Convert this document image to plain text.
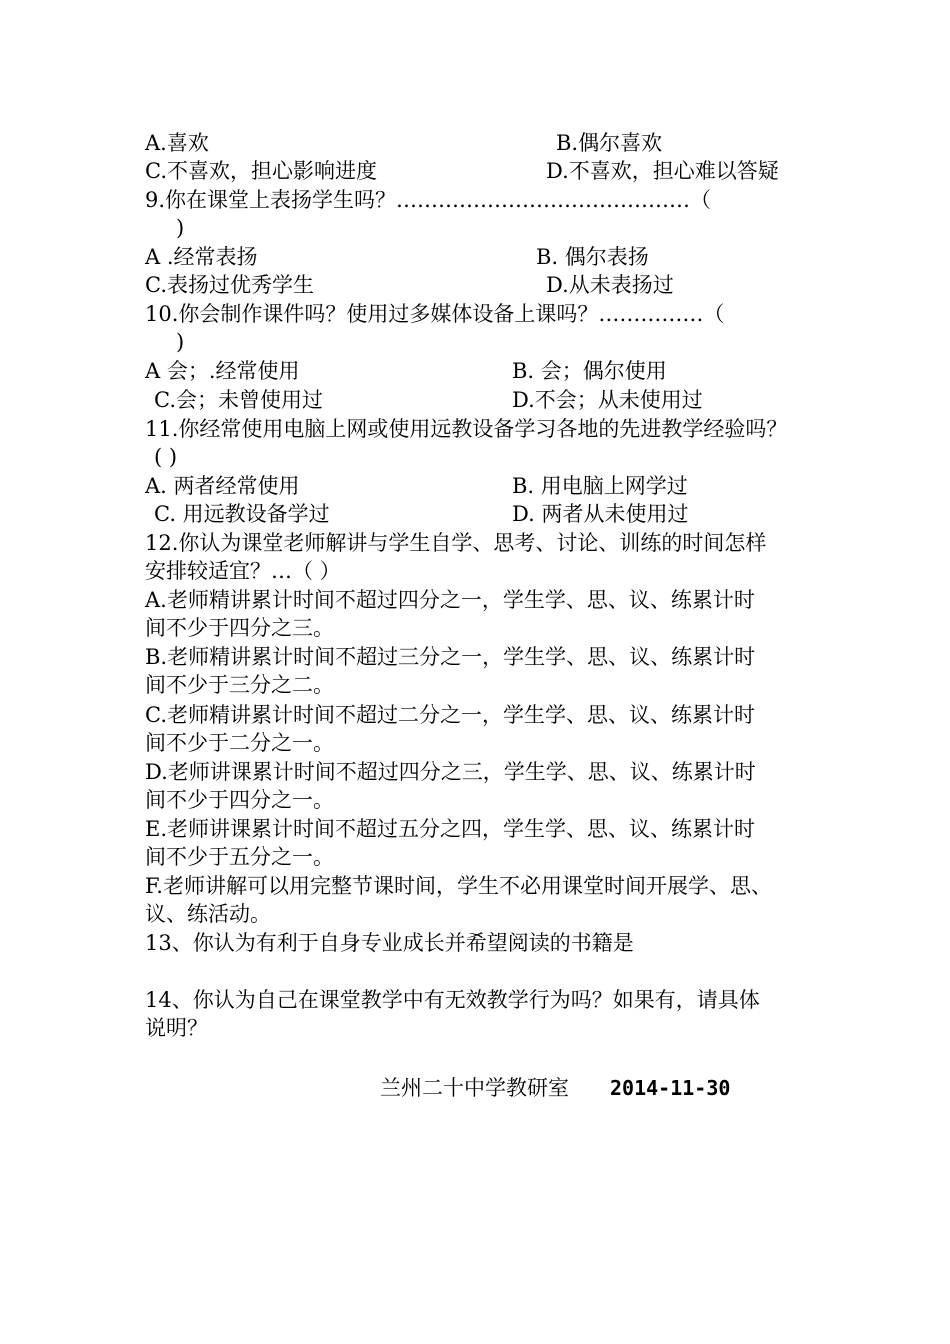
A.喜欢	B.偶尔喜欢
C.不喜欢，担心影响进度	D.不喜欢，担心难以答疑
9.你在课堂上表扬学生吗？……………………………………（
)
A .经常表扬	B. 偶尔表扬
C.表扬过优秀学生	D.从未表扬过
10.你会制作课件吗？使用过多媒体设备上课吗？……………（
)
A 会；.经常使用	B. 会；偶尔使用
C.会；未曾使用过	D.不会；从未使用过
11.你经常使用电脑上网或使用远教设备学习各地的先进教学经验吗？
( )
A. 两者经常使用	B. 用电脑上网学过
C. 用远教设备学过	D. 两者从未使用过
12.你认为课堂老师解讲与学生自学、思考、讨论、训练的时间怎样
安排较适宜？…（ ）
A.老师精讲累计时间不超过四分之一，学生学、思、议、练累计时
间不少于四分之三。
B.老师精讲累计时间不超过三分之一，学生学、思、议、练累计时
间不少于三分之二。
C.老师精讲累计时间不超过二分之一，学生学、思、议、练累计时
间不少于二分之一。
D.老师讲课累计时间不超过四分之三，学生学、思、议、练累计时
间不少于四分之一。
E.老师讲课累计时间不超过五分之四，学生学、思、议、练累计时
间不少于五分之一。
F.老师讲解可以用完整节课时间，学生不必用课堂时间开展学、思、
议、练活动。
13、你认为有利于自身专业成长并希望阅读的书籍是
14、你认为自己在课堂教学中有无效教学行为吗？如果有，请具体
说明？
兰州二十中学教研室 2014-11-30
